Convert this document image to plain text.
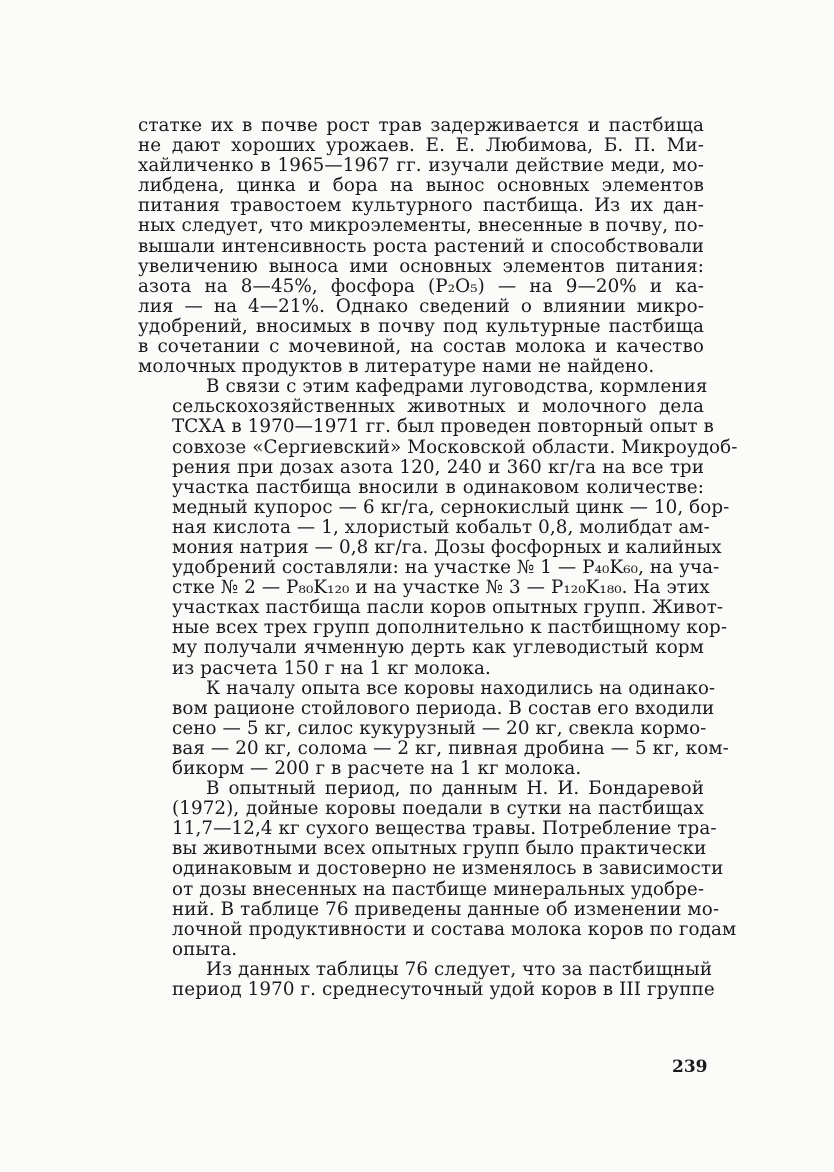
статке их в почве рост трав задерживается и пастбища
не дают хороших урожаев. Е. Е. Любимова, Б. П. Ми-
хайличенко в 1965—1967 гг. изучали действие меди, мо-
либдена, цинка и бора на вынос основных элементов
питания травостоем культурного пастбища. Из их дан-
ных следует, что микроэлементы, внесенные в почву, по-
вышали интенсивность роста растений и способствовали
увеличению выноса ими основных элементов питания:
азота на 8—45%, фосфора (P₂O₅) — на 9—20% и ка-
лия — на 4—21%. Однако сведений о влиянии микро-
удобрений, вносимых в почву под культурные пастбища
в сочетании с мочевиной, на состав молока и качество
молочных продуктов в литературе нами не найдено.

В связи с этим кафедрами луговодства, кормления
сельскохозяйственных животных и молочного дела
ТСХА в 1970—1971 гг. был проведен повторный опыт в
совхозе «Сергиевский» Московской области. Микроудоб-
рения при дозах азота 120, 240 и 360 кг/га на все три
участка пастбища вносили в одинаковом количестве:
медный купорос — 6 кг/га, сернокислый цинк — 10, бор-
ная кислота — 1, хлористый кобальт 0,8, молибдат ам-
мония натрия — 0,8 кг/га. Дозы фосфорных и калийных
удобрений составляли: на участке № 1 — P₄₀K₆₀, на уча-
стке № 2 — P₈₀K₁₂₀ и на участке № 3 — P₁₂₀K₁₈₀. На этих
участках пастбища пасли коров опытных групп. Живот-
ные всех трех групп дополнительно к пастбищному кор-
му получали ячменную дерть как углеводистый корм
из расчета 150 г на 1 кг молока.

К началу опыта все коровы находились на одинако-
вом рационе стойлового периода. В состав его входили
сено — 5 кг, силос кукурузный — 20 кг, свекла кормо-
вая — 20 кг, солома — 2 кг, пивная дробина — 5 кг, ком-
бикорм — 200 г в расчете на 1 кг молока.

В опытный период, по данным Н. И. Бондаревой
(1972), дойные коровы поедали в сутки на пастбищах
11,7—12,4 кг сухого вещества травы. Потребление тра-
вы животными всех опытных групп было практически
одинаковым и достоверно не изменялось в зависимости
от дозы внесенных на пастбище минеральных удобре-
ний. В таблице 76 приведены данные об изменении мо-
лочной продуктивности и состава молока коров по годам
опыта.

Из данных таблицы 76 следует, что за пастбищный
период 1970 г. среднесуточный удой коров в III группе

239
